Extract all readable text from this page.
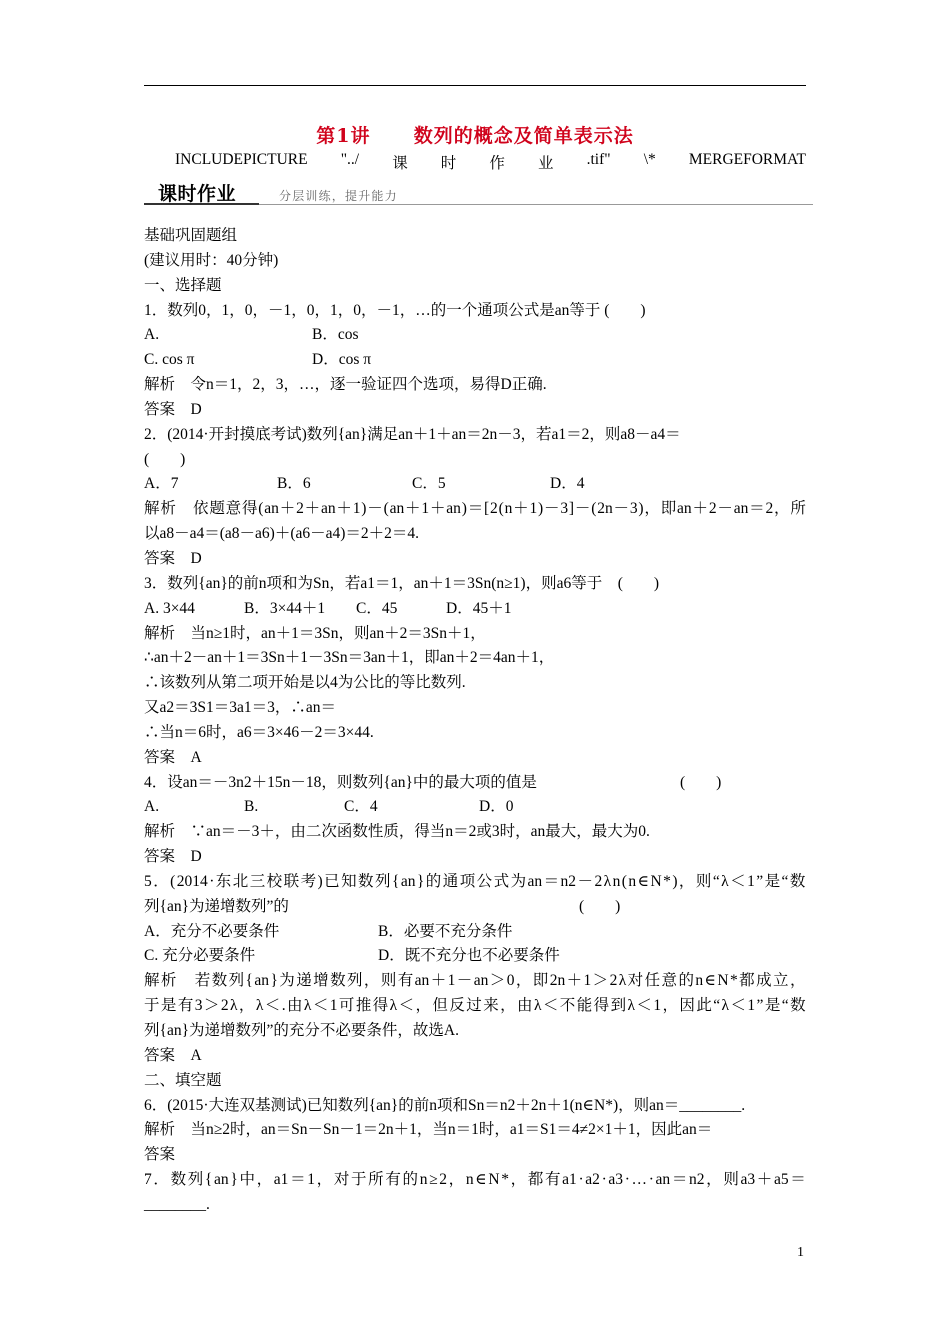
第1讲 数列的概念及简单表示法
INCLUDEPICTURE "../ 课 时 作 业 .tif" \* MERGEFORMAT
课时作业	分层训练，提升能力
基础巩固题组
(建议用时：40分钟)
一、选择题
1．数列0，1，0，－1，0，1，0，－1，…的一个通项公式是an等于 (　　)
A.	B．cos
C. cos π	D．cos π
解析　令n＝1，2，3，…，逐一验证四个选项，易得D正确.
答案　D
2．(2014·开封摸底考试)数列{an}满足an＋1＋an＝2n－3，若a1＝2，则a8－a4＝
(　　)
A．7	B．6	C．5	D．4
解 析
　 依 题 意 得 ( an ＋ 2 ＋ an ＋ 1 ) － ( an ＋ 1 ＋ an ) ＝ [ 2 ( n ＋ 1 ) － 3 ] － ( 2n － 3 ) ， 即 an ＋ 2 － an ＝ 2 ， 所
以a8－a4＝(a8－a6)＋(a6－a4)＝2＋2＝4.
答案　D
3．数列{an}的前n项和为Sn，若a1＝1，an＋1＝3Sn(n≥1)，则a6等于　(　　)
A. 3×44	B．3×44＋1 C．45	D．45＋1
解析　当n≥1时，an＋1＝3Sn，则an＋2＝3Sn＋1，
∴an＋2－an＋1＝3Sn＋1－3Sn＝3an＋1，即an＋2＝4an＋1，
∴该数列从第二项开始是以4为公比的等比数列.
又a2＝3S1＝3a1＝3，∴an＝
∴当n＝6时，a6＝3×46－2＝3×44.
答案　A
4．设an＝－3n2＋15n－18，则数列{an}中的最大项的值是	(　　)
A.	B.	C．4	D．0
解析　∵an＝－3＋，由二次函数性质，得当n＝2或3时，an最大，最大为0.
答案　D
5 ． ( 2014 · 东 北 三 校 联 考 ) 已 知 数 列 { an } 的 通 项 公 式 为 an ＝ n2 － 2 λ n ( n ∈ N * ) ， 则 “ λ ＜ 1 ” 是 “ 数
列{an}为递增数列”的	(　　)
A．充分不必要条件	B．必要不充分条件
C. 充分必要条件	D．既不充分也不必要条件
解 析
　 若 数 列 { an } 为 递 增 数 列 ， 则 有 an ＋ 1 － an ＞ 0 ， 即 2n ＋ 1 ＞ 2 λ 对 任 意 的 n ∈ N * 都 成 立 ，
于 是 有 3 ＞ 2 λ ， λ ＜ . 由 λ ＜ 1 可 推 得 λ ＜ ， 但 反 过 来 ， 由 λ ＜ 不 能 得 到 λ ＜ 1 ， 因 此 “ λ ＜ 1 ” 是 “ 数
列{an}为递增数列”的充分不必要条件，故选A.
答案　A
二、填空题
6．(2015·大连双基测试)已知数列{an}的前n项和Sn＝n2＋2n＋1(n∈N*)，则an＝________.
解析　当n≥2时，an＝Sn－Sn－1＝2n＋1，当n＝1时，a1＝S1＝4≠2×1＋1，因此an＝
答案
7 ． 数 列 { an } 中 ， a1 ＝ 1 ， 对 于 所 有 的 n ≥ 2 ， n ∈ N * ， 都 有 a1 · a2 · a3 · … · an ＝ n2 ， 则 a3 ＋ a5 ＝
________.
1
